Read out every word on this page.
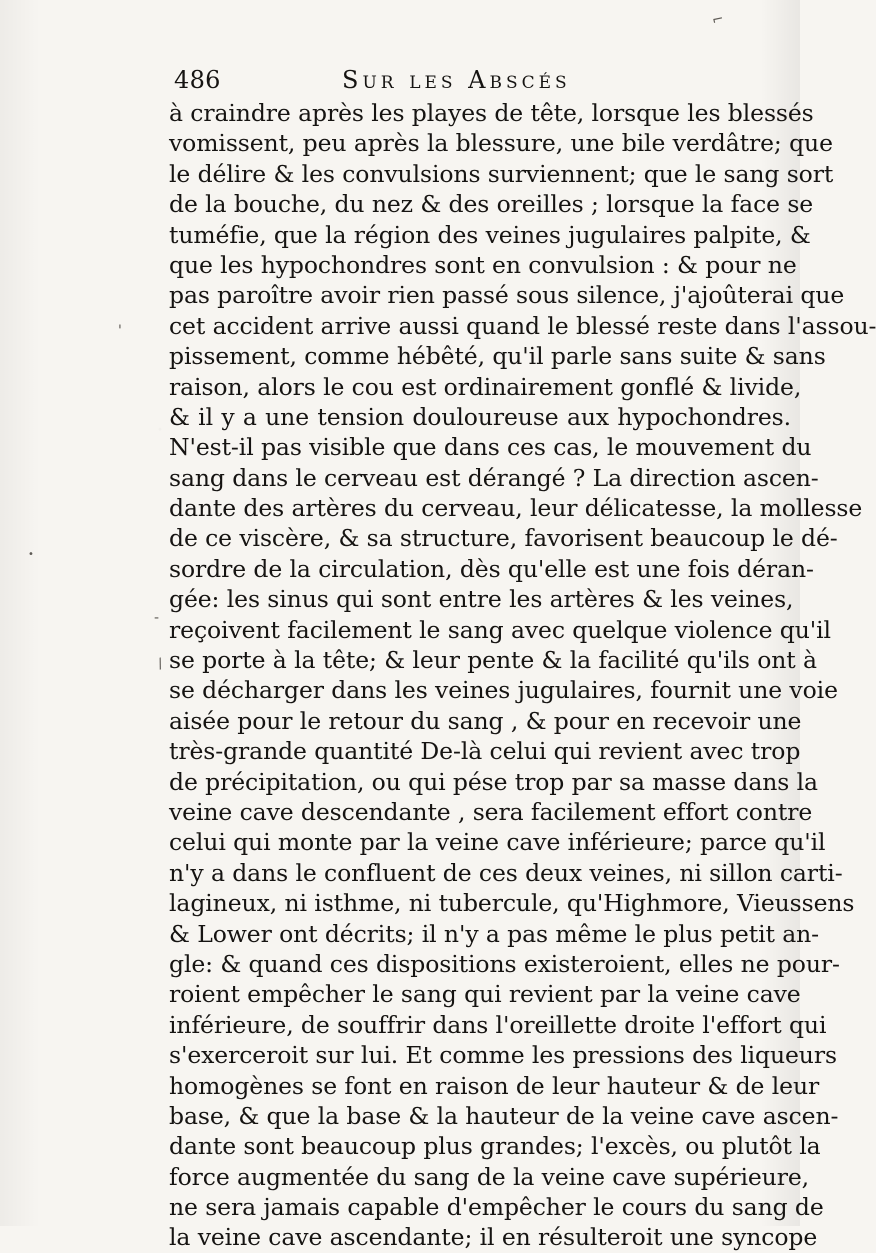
486	Sur les Abscés
à craindre après les playes de tête, lorsque les blessés
vomissent, peu après la blessure, une bile verdâtre; que
le délire & les convulsions surviennent; que le sang sort
de la bouche, du nez & des oreilles ; lorsque la face se
tuméfie, que la région des veines jugulaires palpite, &
que les hypochondres sont en convulsion : & pour ne
pas paroître avoir rien passé sous silence, j'ajoûterai que
cet accident arrive aussi quand le blessé reste dans l'assou-
pissement, comme hébêté, qu'il parle sans suite & sans
raison, alors le cou est ordinairement gonflé & livide,
& il y a une tension douloureuse aux hypochondres.
N'est-il pas visible que dans ces cas, le mouvement du
sang dans le cerveau est dérangé ? La direction ascen-
dante des artères du cerveau, leur délicatesse, la mollesse
de ce viscère, & sa structure, favorisent beaucoup le dé-
sordre de la circulation, dès qu'elle est une fois déran-
gée: les sinus qui sont entre les artères & les veines,
reçoivent facilement le sang avec quelque violence qu'il
se porte à la tête; & leur pente & la facilité qu'ils ont à
se décharger dans les veines jugulaires, fournit une voie
aisée pour le retour du sang , & pour en recevoir une
très-grande quantité De-là celui qui revient avec trop
de précipitation, ou qui pése trop par sa masse dans la
veine cave descendante , sera facilement effort contre
celui qui monte par la veine cave inférieure; parce qu'il
n'y a dans le confluent de ces deux veines, ni sillon carti-
lagineux, ni isthme, ni tubercule, qu'Highmore, Vieussens
& Lower ont décrits; il n'y a pas même le plus petit an-
gle: & quand ces dispositions existeroient, elles ne pour-
roient empêcher le sang qui revient par la veine cave
inférieure, de souffrir dans l'oreillette droite l'effort qui
s'exerceroit sur lui. Et comme les pressions des liqueurs
homogènes se font en raison de leur hauteur & de leur
base, & que la base & la hauteur de la veine cave ascen-
dante sont beaucoup plus grandes; l'excès, ou plutôt la
force augmentée du sang de la veine cave supérieure,
ne sera jamais capable d'empêcher le cours du sang de
la veine cave ascendante; il en résulteroit une syncope
'
-
/
•
⌐
